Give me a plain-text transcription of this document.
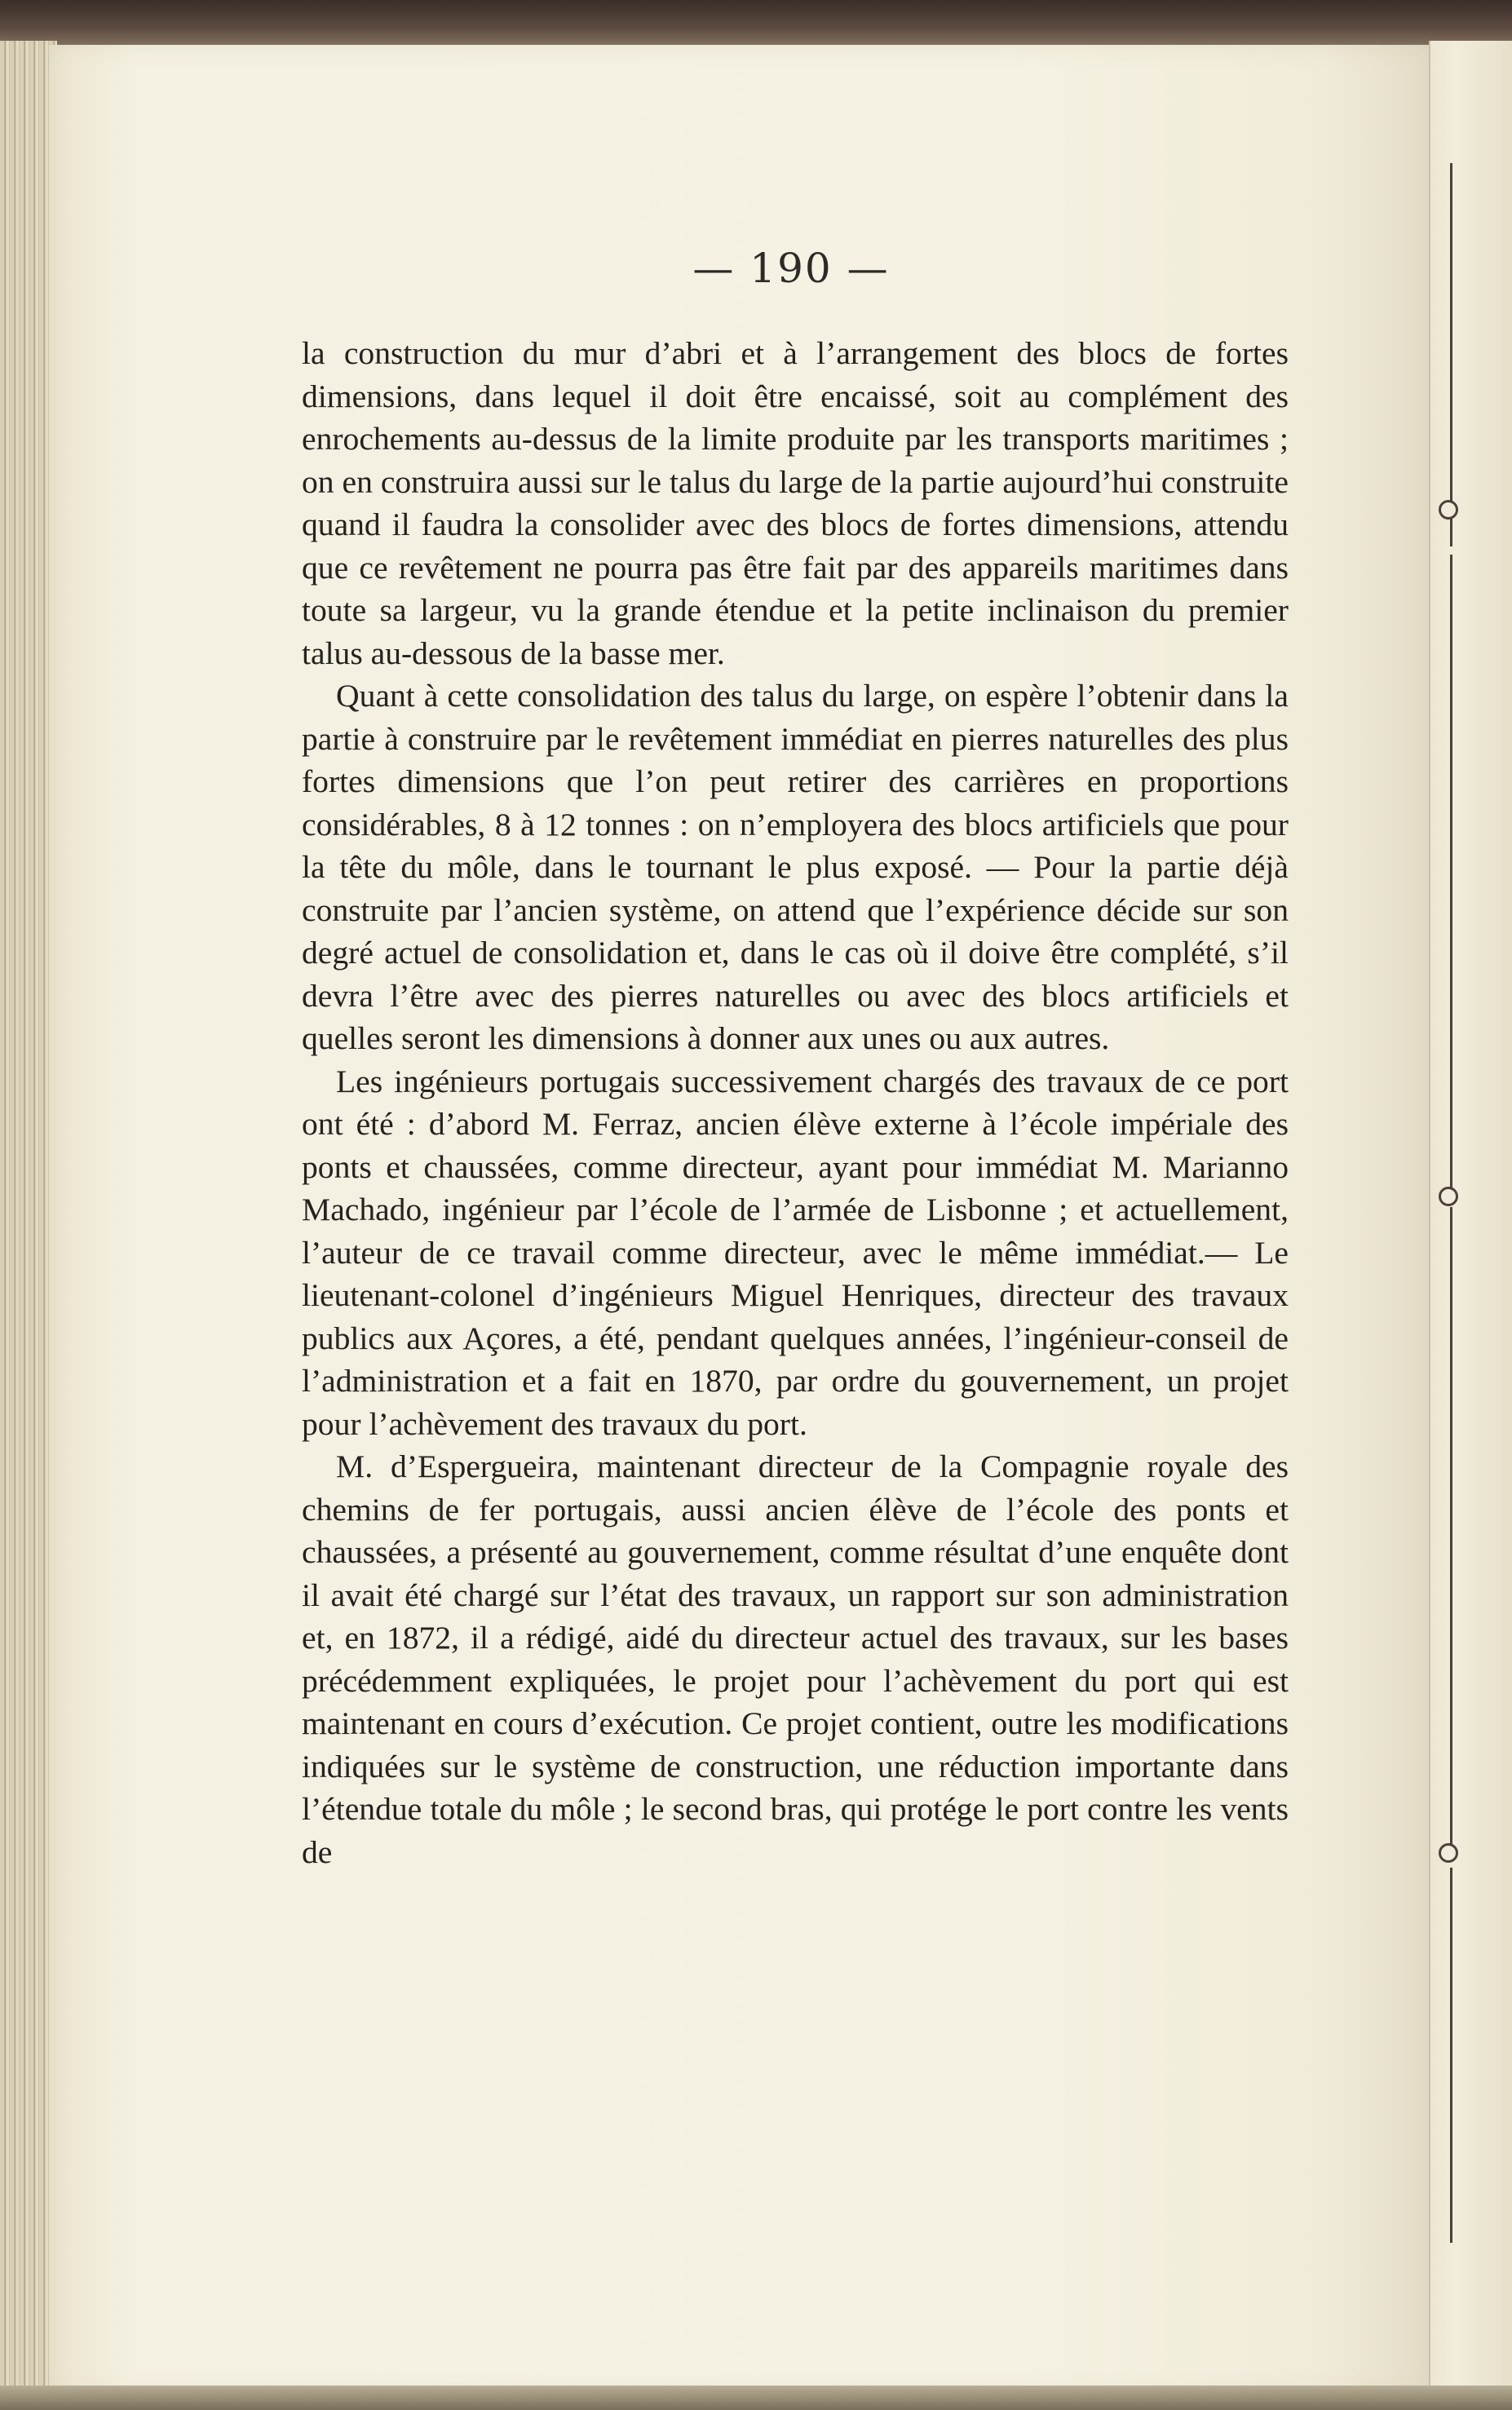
— 190 —

la construction du mur d’abri et à l’arrangement des blocs de fortes dimensions, dans lequel il doit être encaissé, soit au complément des enrochements au-dessus de la limite produite par les transports maritimes ; on en construira aussi sur le talus du large de la partie aujourd’hui construite quand il faudra la consolider avec des blocs de fortes dimensions, attendu que ce revêtement ne pourra pas être fait par des appareils maritimes dans toute sa largeur, vu la grande étendue et la petite inclinaison du premier talus au-dessous de la basse mer.

Quant à cette consolidation des talus du large, on espère l’obtenir dans la partie à construire par le revêtement immédiat en pierres naturelles des plus fortes dimensions que l’on peut retirer des carrières en proportions considérables, 8 à 12 tonnes : on n’employera des blocs artificiels que pour la tête du môle, dans le tournant le plus exposé. — Pour la partie déjà construite par l’ancien système, on attend que l’expérience décide sur son degré actuel de consolidation et, dans le cas où il doive être complété, s’il devra l’être avec des pierres naturelles ou avec des blocs artificiels et quelles seront les dimensions à donner aux unes ou aux autres.

Les ingénieurs portugais successivement chargés des travaux de ce port ont été : d’abord M. Ferraz, ancien élève externe à l’école impériale des ponts et chaussées, comme directeur, ayant pour immédiat M. Marianno Machado, ingénieur par l’école de l’armée de Lisbonne ; et actuellement, l’auteur de ce travail comme directeur, avec le même immédiat.— Le lieutenant-colonel d’ingénieurs Miguel Henriques, directeur des travaux publics aux Açores, a été, pendant quelques années, l’ingénieur-conseil de l’administration et a fait en 1870, par ordre du gouvernement, un projet pour l’achèvement des travaux du port.

M. d’Espergueira, maintenant directeur de la Compagnie royale des chemins de fer portugais, aussi ancien élève de l’école des ponts et chaussées, a présenté au gouvernement, comme résultat d’une enquête dont il avait été chargé sur l’état des travaux, un rapport sur son administration et, en 1872, il a rédigé, aidé du directeur actuel des travaux, sur les bases précédemment expliquées, le projet pour l’achèvement du port qui est maintenant en cours d’exécution. Ce projet contient, outre les modifications indiquées sur le système de construction, une réduction importante dans l’étendue totale du môle ; le second bras, qui protége le port contre les vents de
